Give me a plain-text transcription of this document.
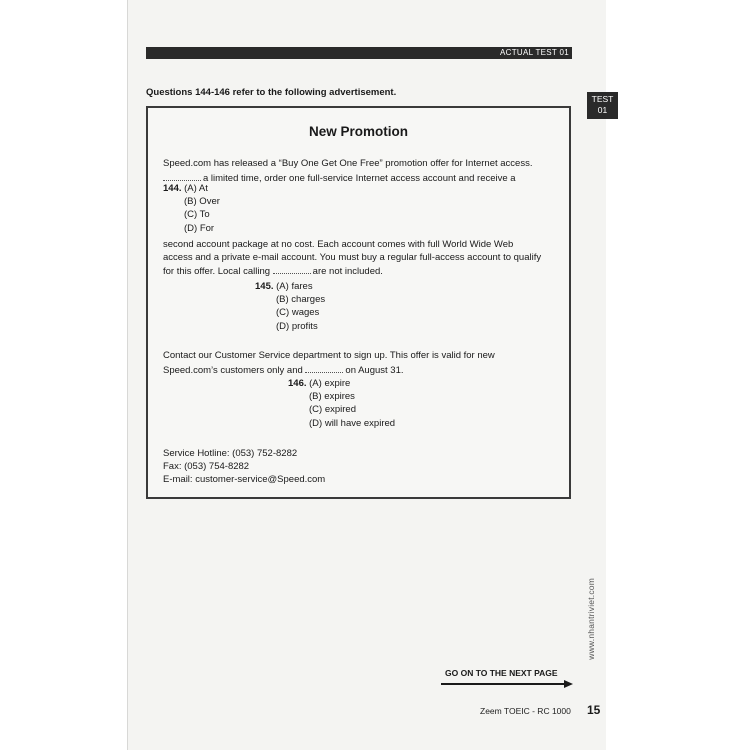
ACTUAL TEST 01
TEST
01
Questions 144-146 refer to the following advertisement.
New Promotion
Speed.com has released a “Buy One Get One Free” promotion offer for Internet access.
a limited time, order one full-service Internet access account and receive a
144. (A) At
(B) Over
(C) To
(D) For
second account package at no cost. Each account comes with full World Wide Web
access and a private e-mail account. You must buy a regular full-access account to qualify
for this offer. Local calling	are not included.
145. (A) fares
(B) charges
(C) wages
(D) profits
Contact our Customer Service department to sign up. This offer is valid for new
Speed.com’s customers only and	on August 31.
146. (A) expire
(B) expires
(C) expired
(D) will have expired
Service Hotline: (053) 752-8282
Fax: (053) 754-8282
E-mail: customer-service@Speed.com
GO ON TO THE NEXT PAGE
Zeem TOEIC - RC 1000 15
www.nhantriviet.com
